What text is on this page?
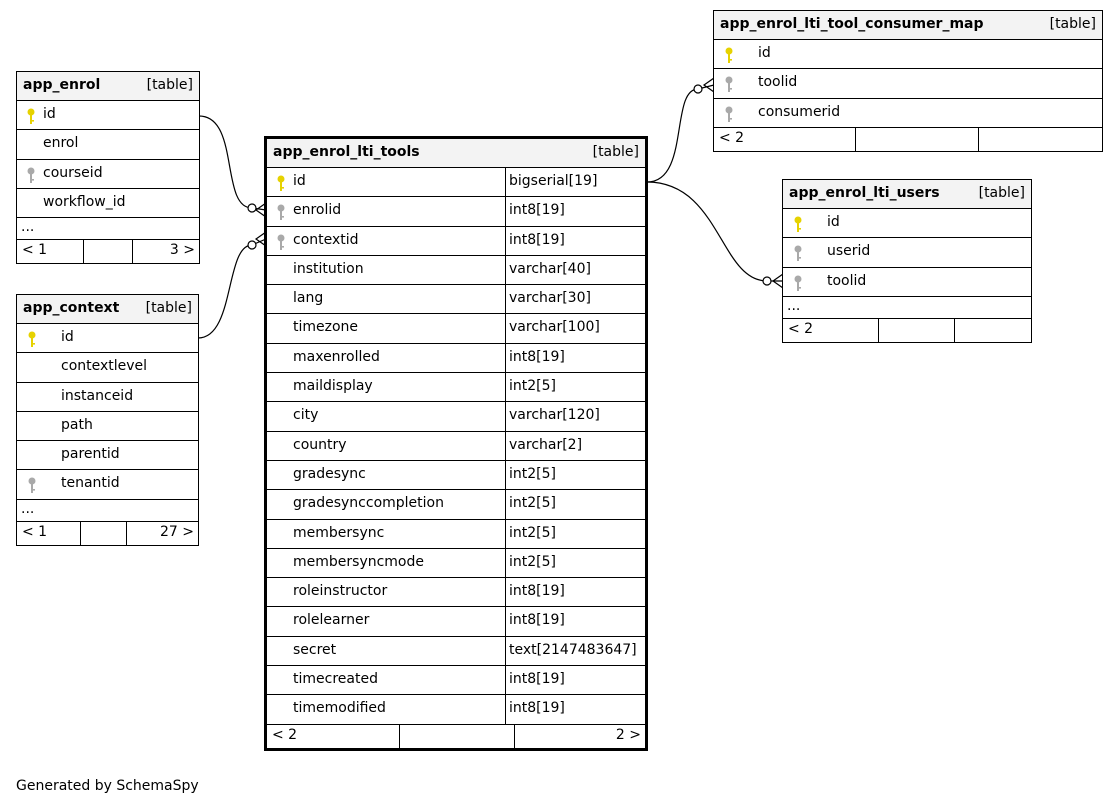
app_enrol	[table]
id
enrol
courseid
workflow_id
...
< 1	3 >
app_context [table]
id
contextlevel
instanceid
path
parentid
tenantid
...
< 1	27 >
app_enrol_lti_tools	[table]
id	bigserial[19]
enrolid	int8[19]
contextid	int8[19]
institution	varchar[40]
lang	varchar[30]
timezone	varchar[100]
maxenrolled	int8[19]
maildisplay	int2[5]
city	varchar[120]
country	varchar[2]
gradesync	int2[5]
gradesynccompletion	int2[5]
membersync	int2[5]
membersyncmode	int2[5]
roleinstructor	int8[19]
rolelearner	int8[19]
secret	text[2147483647]
timecreated	int8[19]
timemodified	int8[19]
< 2	2 >
app_enrol_lti_tool_consumer_map	[table]
id
toolid
consumerid
< 2
app_enrol_lti_users	[table]
id
userid
toolid
...
< 2
Generated by SchemaSpy
